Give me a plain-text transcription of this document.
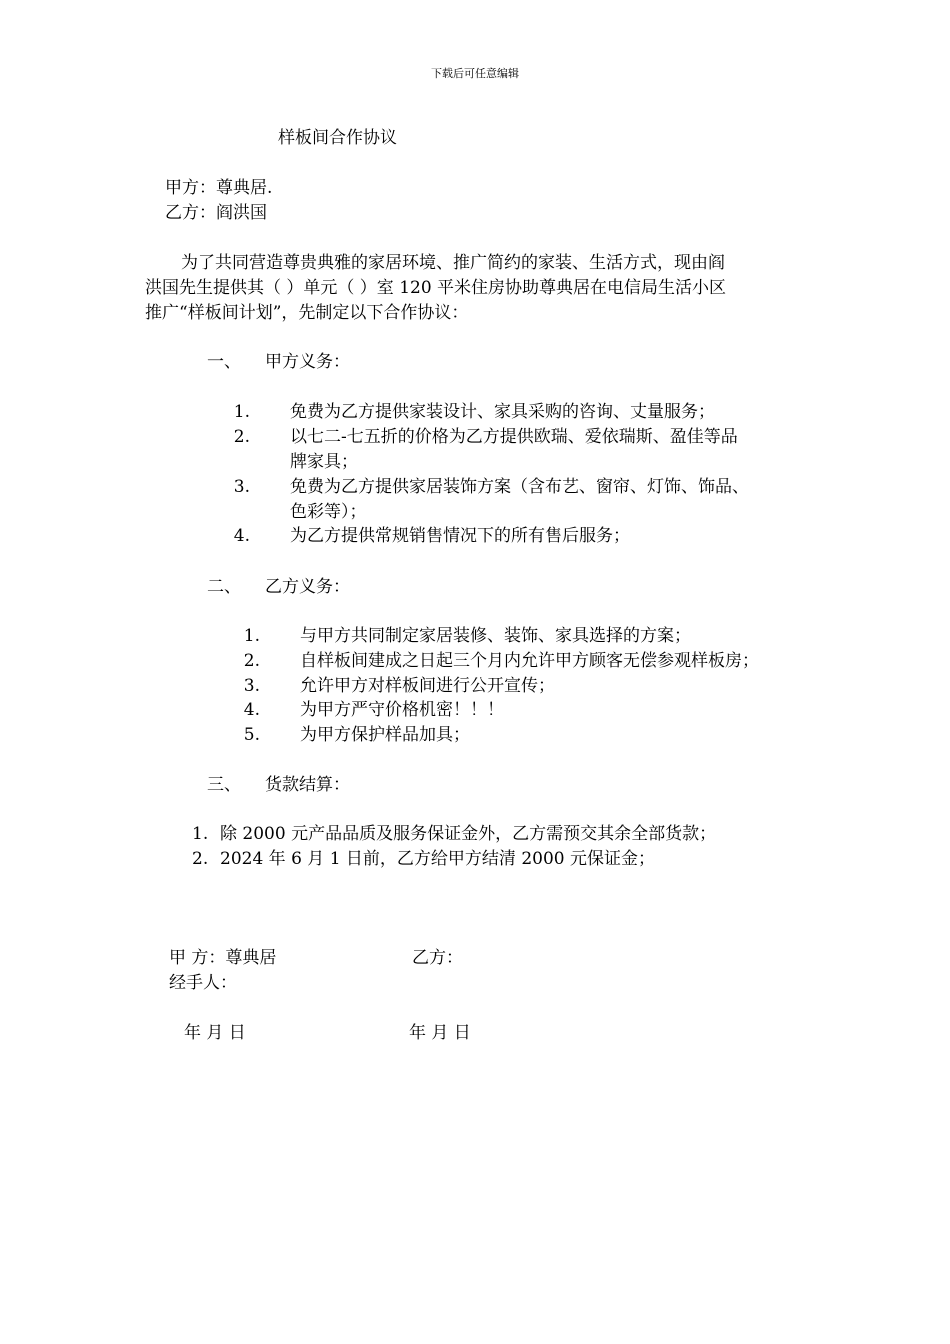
下载后可任意编辑
样板间合作协议
甲方：尊典居.
乙方：阎洪国
为了共同营造尊贵典雅的家居环境、推广简约的家装、生活方式，现由阎
洪国先生提供其（ ）单元（ ）室 120 平米住房协助尊典居在电信局生活小区
推广“样板间计划”，先制定以下合作协议：
一、 甲方义务：
1. 免费为乙方提供家装设计、家具采购的咨询、丈量服务；
2. 以七二-七五折的价格为乙方提供欧瑞、爱依瑞斯、盈佳等品
牌家具；
3. 免费为乙方提供家居装饰方案（含布艺、窗帘、灯饰、饰品、
色彩等）；
4. 为乙方提供常规销售情况下的所有售后服务；
二、 乙方义务：
1. 与甲方共同制定家居装修、装饰、家具选择的方案；
2. 自样板间建成之日起三个月内允许甲方顾客无偿参观样板房；
3. 允许甲方对样板间进行公开宣传；
4. 为甲方严守价格机密！！！
5. 为甲方保护样品加具；
三、 货款结算：
1. 除 2000 元产品品质及服务保证金外，乙方需预交其余全部货款；
2. 2024 年 6 月 1 日前，乙方给甲方结清 2000 元保证金；
甲 方：尊典居	乙方：
经手人：
年 月 日	年 月 日
